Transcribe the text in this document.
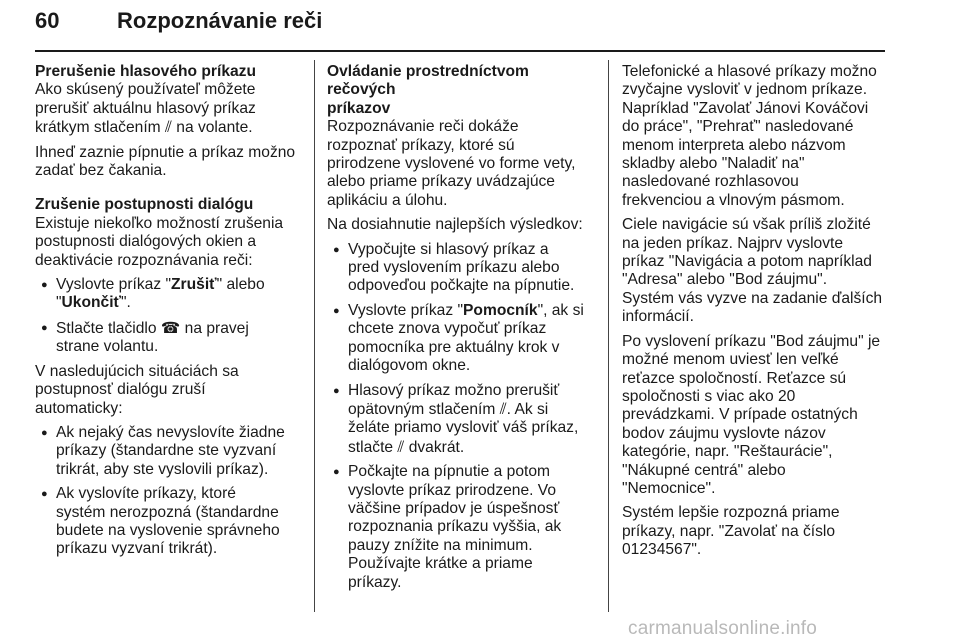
60	Rozpoznávanie reči

Prerušenie hlasového príkazu

Ako skúsený používateľ môžete
prerušiť aktuálnu hlasový príkaz
krátkym stlačením ⫽ na volante.

Ihneď zaznie pípnutie a príkaz možno
zadať bez čakania.

Zrušenie postupnosti dialógu

Existuje niekoľko možností zrušenia
postupnosti dialógových okien a
deaktivácie rozpoznávania reči:

● Vyslovte príkaz "Zrušiť" alebo
"Ukončiť".
● Stlačte tlačidlo ☎ na pravej
strane volantu.

V nasledujúcich situáciách sa
postupnosť dialógu zruší
automaticky:

● Ak nejaký čas nevyslovíte žiadne
príkazy (štandardne ste vyzvaní
trikrát, aby ste vyslovili príkaz).
● Ak vyslovíte príkazy, ktoré
systém nerozpozná (štandardne
budete na vyslovenie správneho
príkazu vyzvaní trikrát).

Ovládanie prostredníctvom rečových
príkazov

Rozpoznávanie reči dokáže
rozpoznať príkazy, ktoré sú
prirodzene vyslovené vo forme vety,
alebo priame príkazy uvádzajúce
aplikáciu a úlohu.

Na dosiahnutie najlepších výsledkov:

● Vypočujte si hlasový príkaz a
pred vyslovením príkazu alebo
odpoveďou počkajte na pípnutie.
● Vyslovte príkaz "Pomocník", ak si
chcete znova vypočuť príkaz
pomocníka pre aktuálny krok v
dialógovom okne.
● Hlasový príkaz možno prerušiť
opätovným stlačením ⫽. Ak si
želáte priamo vysloviť váš príkaz,
stlačte ⫽ dvakrát.
● Počkajte na pípnutie a potom
vyslovte príkaz prirodzene. Vo
väčšine prípadov je úspešnosť
rozpoznania príkazu vyššia, ak
pauzy znížite na minimum.
Používajte krátke a priame
príkazy.

Telefonické a hlasové príkazy možno
zvyčajne vysloviť v jednom príkaze.
Napríklad "Zavolať Jánovi Kováčovi
do práce", "Prehrať" nasledované
menom interpreta alebo názvom
skladby alebo "Naladiť na"
nasledované rozhlasovou
frekvenciou a vlnovým pásmom.

Ciele navigácie sú však príliš zložité
na jeden príkaz. Najprv vyslovte
príkaz "Navigácia a potom napríklad
"Adresa" alebo "Bod záujmu".
Systém vás vyzve na zadanie ďalších
informácií.

Po vyslovení príkazu "Bod záujmu" je
možné menom uviesť len veľké
reťazce spoločností. Reťazce sú
spoločnosti s viac ako 20
prevádzkami. V prípade ostatných
bodov záujmu vyslovte názov
kategórie, napr. "Reštaurácie",
"Nákupné centrá" alebo
"Nemocnice".

Systém lepšie rozpozná priame
príkazy, napr. "Zavolať na číslo
01234567".

carmanualsonline.info
